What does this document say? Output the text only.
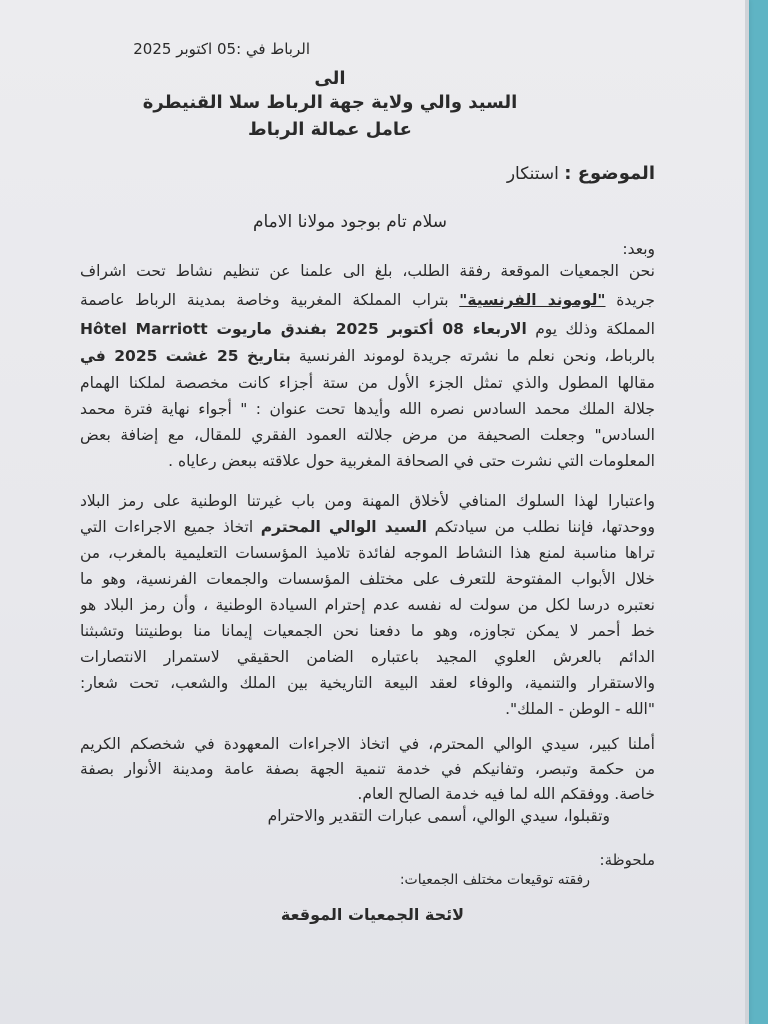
الرباط في :05 اكتوبر 2025
الى
السيد والي ولاية جهة الرباط سلا القنيطرة
عامل عمالة الرباط
الموضوع : استنكار
سلام تام بوجود مولانا الامام
وبعد:
نحن الجمعيات الموقعة رفقة الطلب، بلغ الى علمنا عن تنظيم نشاط تحت اشراف
جريدة "لوموند الفرنسية" بتراب المملكة المغربية وخاصة بمدينة الرباط عاصمة
المملكة وذلك يوم الاربعاء 08 أكتوبر 2025 بفندق ماريوت Hôtel Marriott
بالرباط، ونحن نعلم ما نشرته جريدة لوموند الفرنسية بتاريخ 25 غشت 2025 في
مقالها المطول والذي تمثل الجزء الأول من ستة أجزاء كانت مخصصة لملكنا الهمام
جلالة الملك محمد السادس نصره الله وأيدها تحت عنوان : " أجواء نهاية فترة محمد
السادس" وجعلت الصحيفة من مرض جلالته العمود الفقري للمقال، مع إضافة بعض
المعلومات التي نشرت حتى في الصحافة المغربية حول علاقته ببعض رعاياه .
واعتبارا لهذا السلوك المنافي لأخلاق المهنة ومن باب غيرتنا الوطنية على رمز البلاد
ووحدتها، فإننا نطلب من سيادتكم السيد الوالي المحترم اتخاذ جميع الاجراءات التي
تراها مناسبة لمنع هذا النشاط الموجه لفائدة تلاميذ المؤسسات التعليمية بالمغرب، من
خلال الأبواب المفتوحة للتعرف على مختلف المؤسسات والجمعات الفرنسية، وهو ما
نعتبره درسا لكل من سولت له نفسه عدم إحترام السيادة الوطنية ، وأن رمز البلاد هو
خط أحمر لا يمكن تجاوزه، وهو ما دفعنا نحن الجمعيات إيمانا منا بوطنيتنا وتشبثنا
الدائم بالعرش العلوي المجيد باعتباره الضامن الحقيقي لاستمرار الانتصارات
والاستقرار والتنمية، والوفاء لعقد البيعة التاريخية بين الملك والشعب، تحت شعار:
"الله - الوطن - الملك".
أملنا كبير، سيدي الوالي المحترم، في اتخاذ الاجراءات المعهودة في شخصكم الكريم
من حكمة وتبصر، وتفانيكم في خدمة تنمية الجهة بصفة عامة ومدينة الأنوار بصفة
خاصة. ووفقكم الله لما فيه خدمة الصالح العام.
وتقبلوا، سيدي الوالي، أسمى عبارات التقدير والاحترام
ملحوظة:
رفقته توقيعات مختلف الجمعيات:
لائحة الجمعيات الموقعة
